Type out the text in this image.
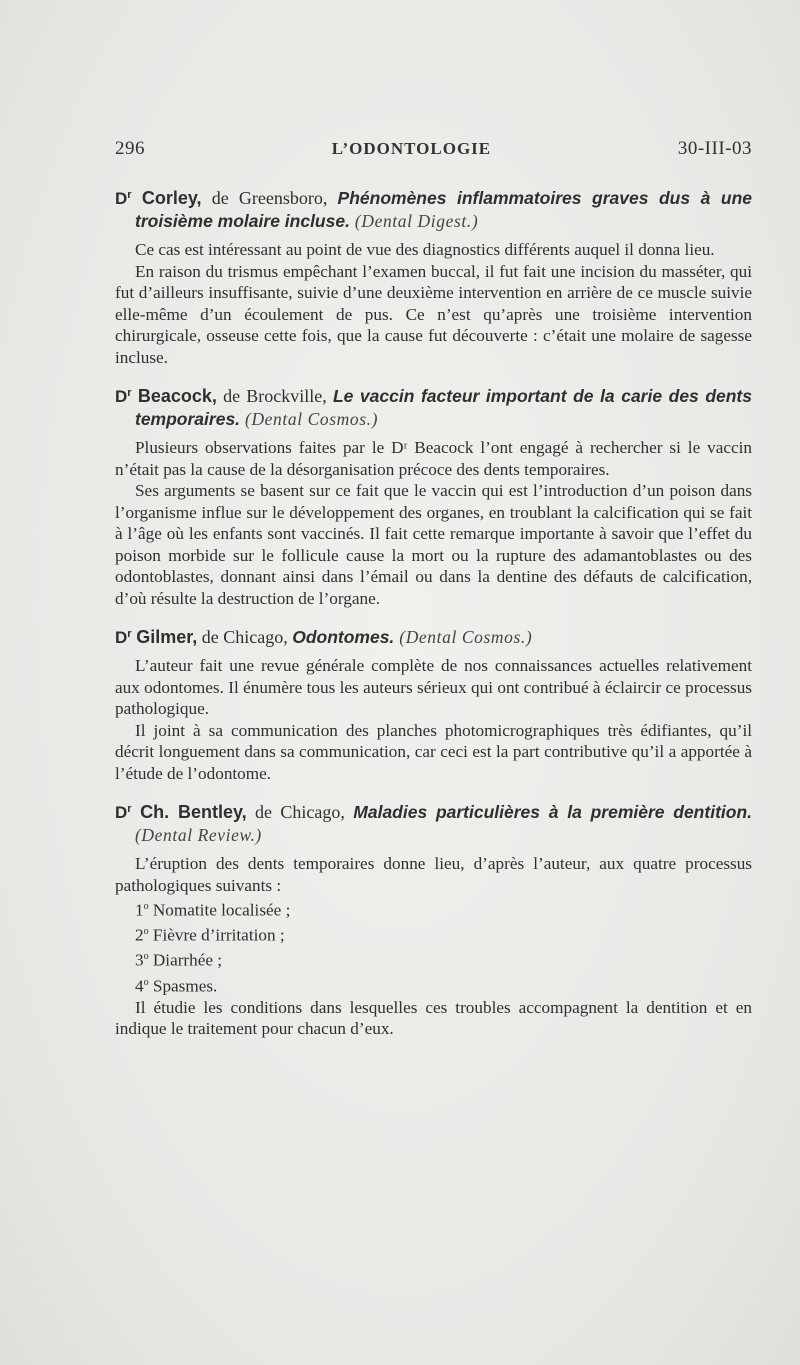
296	L’ODONTOLOGIE	30-III-03

$D^r$ Corley, de Greensboro, Phénomènes inflammatoires graves dus à une troisième molaire incluse. (Dental Digest.)

Ce cas est intéressant au point de vue des diagnostics différents auquel il donna lieu.

En raison du trismus empêchant l’examen buccal, il fut fait une incision du masséter, qui fut d’ailleurs insuffisante, suivie d’une deuxième intervention en arrière de ce muscle suivie elle-même d’un écoulement de pus. Ce n’est qu’après une troisième intervention chirurgicale, osseuse cette fois, que la cause fut découverte : c’était une molaire de sagesse incluse.

$D^r$ Beacock, de Brockville, Le vaccin facteur important de la carie des dents temporaires. (Dental Cosmos.)

Plusieurs observations faites par le Dʳ Beacock l’ont engagé à rechercher si le vaccin n’était pas la cause de la désorganisation précoce des dents temporaires.

Ses arguments se basent sur ce fait que le vaccin qui est l’introduction d’un poison dans l’organisme influe sur le développement des organes, en troublant la calcification qui se fait à l’âge où les enfants sont vaccinés. Il fait cette remarque importante à savoir que l’effet du poison morbide sur le follicule cause la mort ou la rupture des adamantoblastes ou des odontoblastes, donnant ainsi dans l’émail ou dans la dentine des défauts de calcification, d’où résulte la destruction de l’organe.

$D^r$ Gilmer, de Chicago, Odontomes. (Dental Cosmos.)

L’auteur fait une revue générale complète de nos connaissances actuelles relativement aux odontomes. Il énumère tous les auteurs sérieux qui ont contribué à éclaircir ce processus pathologique.

Il joint à sa communication des planches photomicrographiques très édifiantes, qu’il décrit longuement dans sa communication, car ceci est la part contributive qu’il a apportée à l’étude de l’odontome.

$D^r$ Ch. Bentley, de Chicago, Maladies particulières à la première dentition. (Dental Review.)

L’éruption des dents temporaires donne lieu, d’après l’auteur, aux quatre processus pathologiques suivants :

1$^o$ Nomatite localisée ;

2$^o$ Fièvre d’irritation ;

3$^o$ Diarrhée ;

4$^o$ Spasmes.

Il étudie les conditions dans lesquelles ces troubles accompagnent la dentition et en indique le traitement pour chacun d’eux.
